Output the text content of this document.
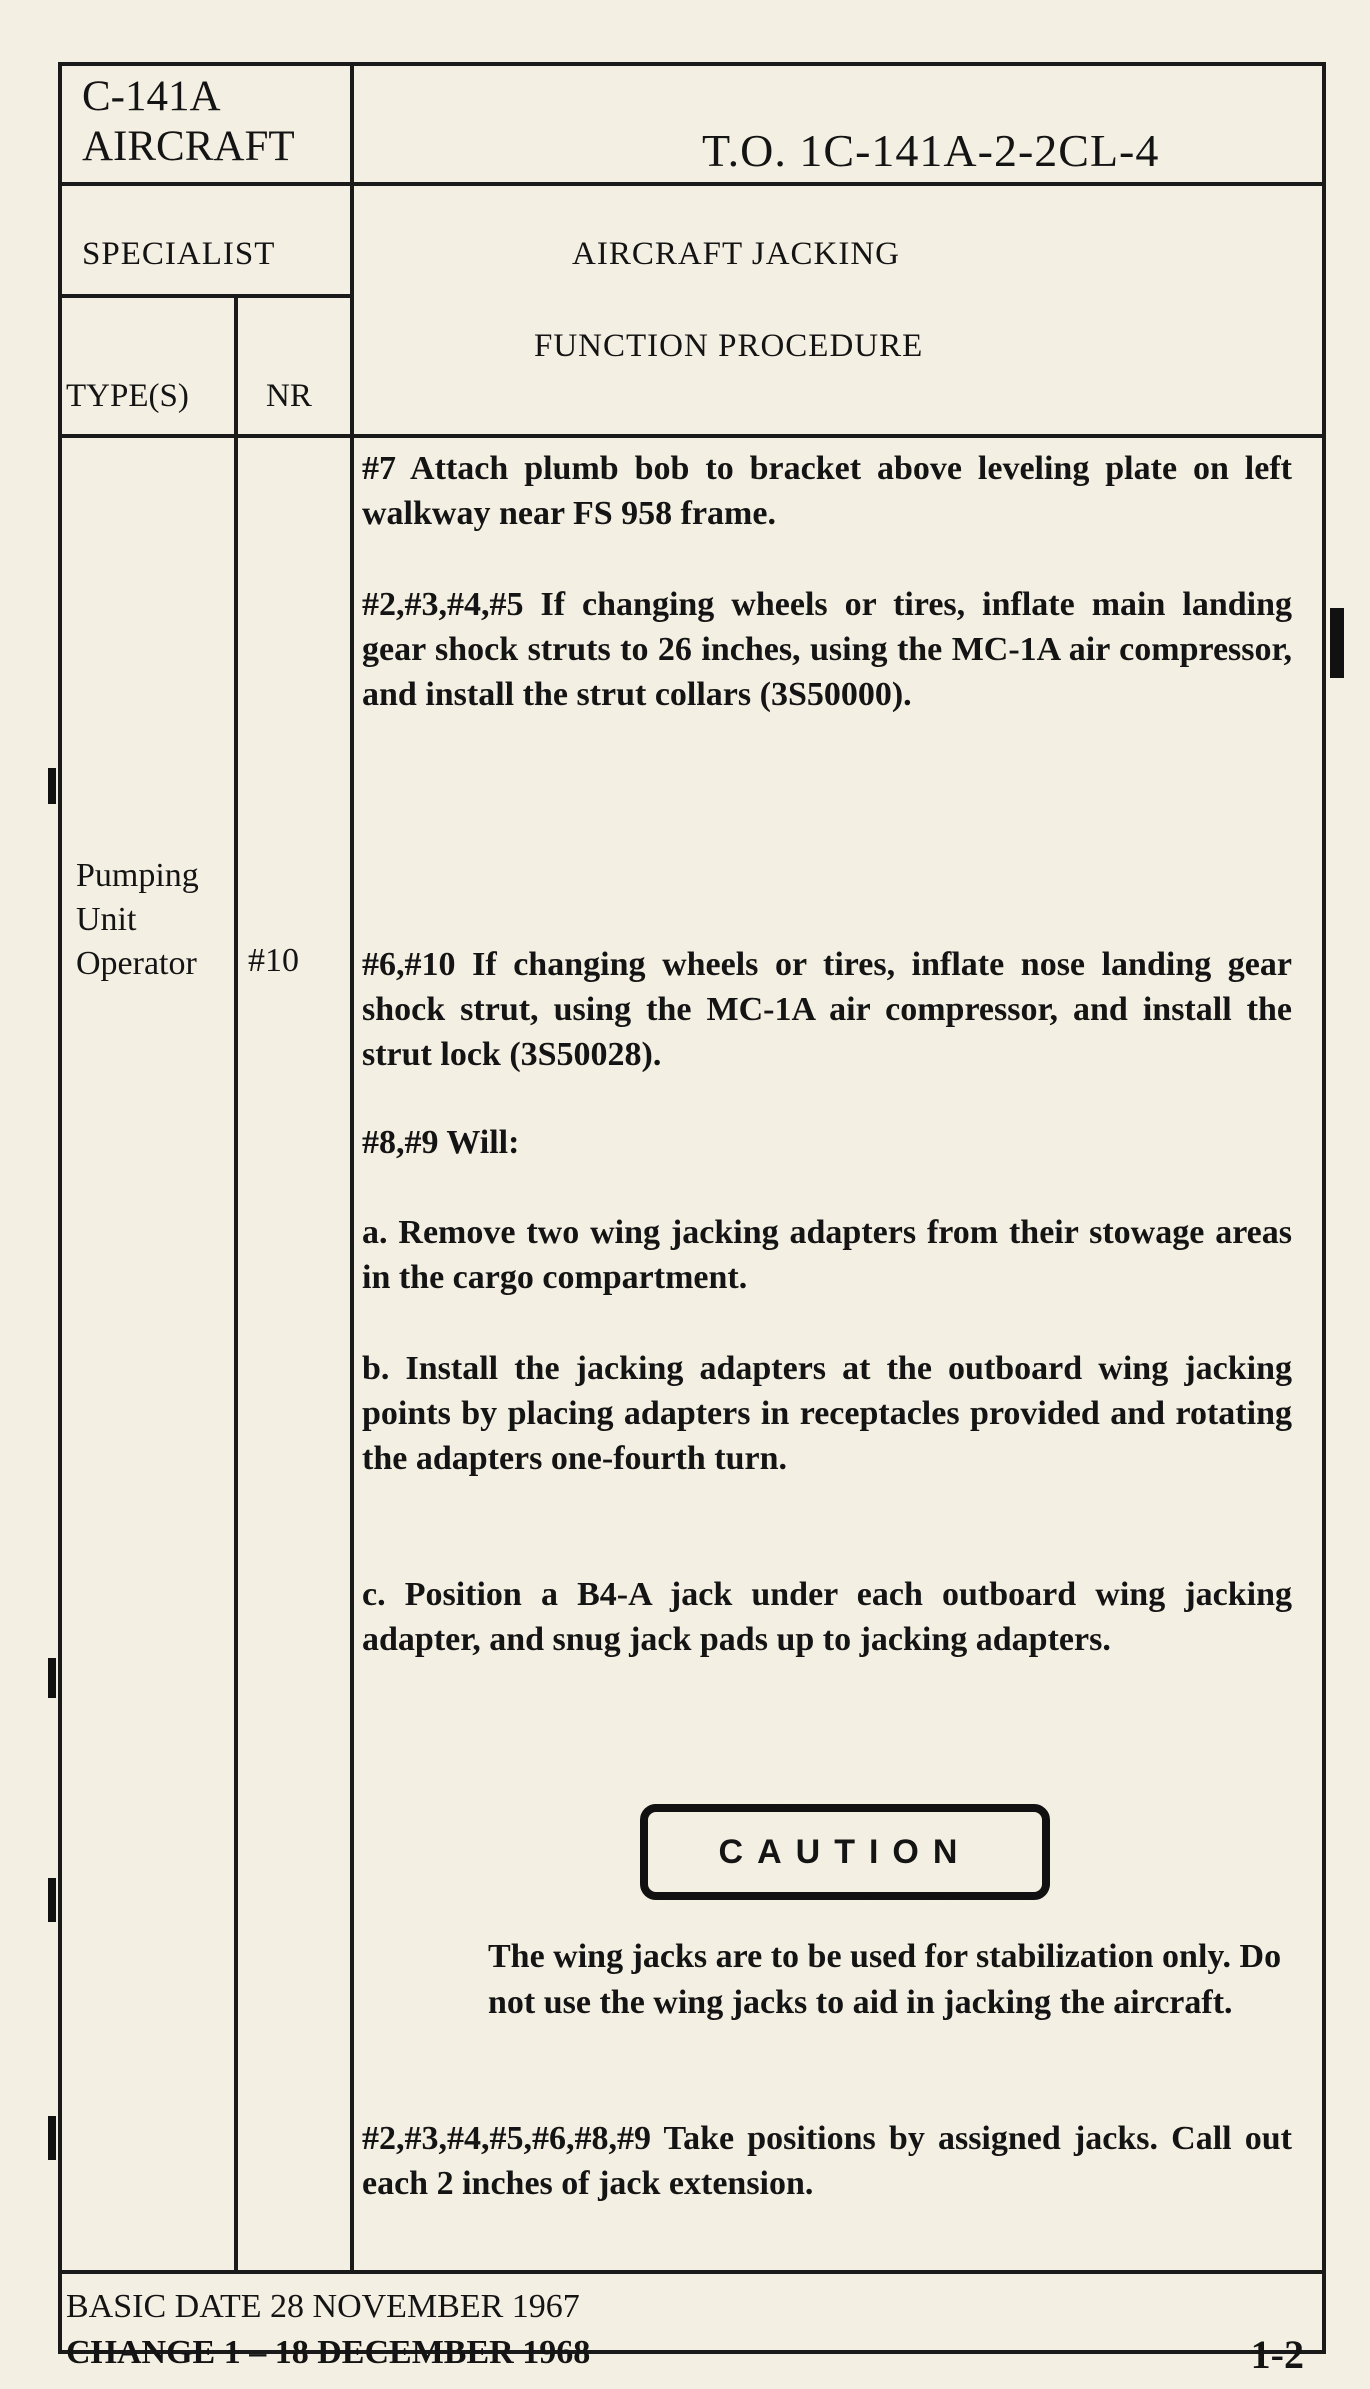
C-141A
AIRCRAFT	T.O. 1C-141A-2-2CL-4
SPECIALIST	AIRCRAFT JACKING
FUNCTION PROCEDURE
TYPE(S) NR
Pumping
Unit
Operator #10
#7 Attach plumb bob to bracket above leveling plate on left walkway near FS 958 frame.
#2,#3,#4,#5 If changing wheels or tires, inflate main landing gear shock struts to 26 inches, using the MC-1A air compressor, and install the strut collars (3S50000).
#6,#10 If changing wheels or tires, inflate nose landing gear shock strut, using the MC-1A air compressor, and install the strut lock (3S50028).
#8,#9 Will:
a. Remove two wing jacking adapters from their stowage areas in the cargo compartment.
b. Install the jacking adapters at the outboard wing jacking points by placing adapters in receptacles provided and rotating the adapters one-fourth turn.
c. Position a B4-A jack under each outboard wing jacking adapter, and snug jack pads up to jacking adapters.
CAUTION
The wing jacks are to be used for stabilization only. Do not use the wing jacks to aid in jacking the aircraft.
#2,#3,#4,#5,#6,#8,#9 Take positions by assigned jacks. Call out each 2 inches of jack extension.
BASIC DATE 28 NOVEMBER 1967
CHANGE 1 – 18 DECEMBER 1968	1-2
